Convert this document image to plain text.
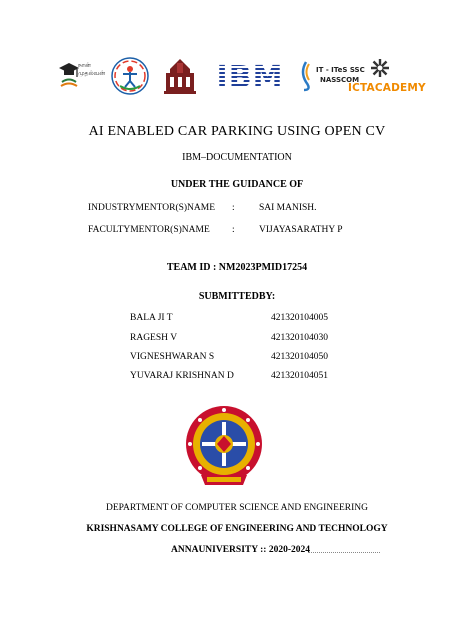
நான் முதல்வன்	IBM	IT - ITeS SSC
NASSCOM
ICTACADEMY
AI ENABLED CAR PARKING USING OPEN CV
IBM–DOCUMENTATION
UNDER THE GUIDANCE OF
INDUSTRYMENTOR(S)NAME :	SAI MANISH.
FACULTYMENTOR(S)NAME :	VIJAYASARATHY P
TEAM ID : NM2023PMID17254
SUBMITTEDBY:
BALA JI T	421320104005
RAGESH V	421320104030
VIGNESHWARAN S	421320104050
YUVARAJ KRISHNAN D	421320104051
DEPARTMENT OF COMPUTER SCIENCE AND ENGINEERING
KRISHNASAMY COLLEGE OF ENGINEERING AND TECHNOLOGY
ANNAUNIVERSITY :: 2020-2024
